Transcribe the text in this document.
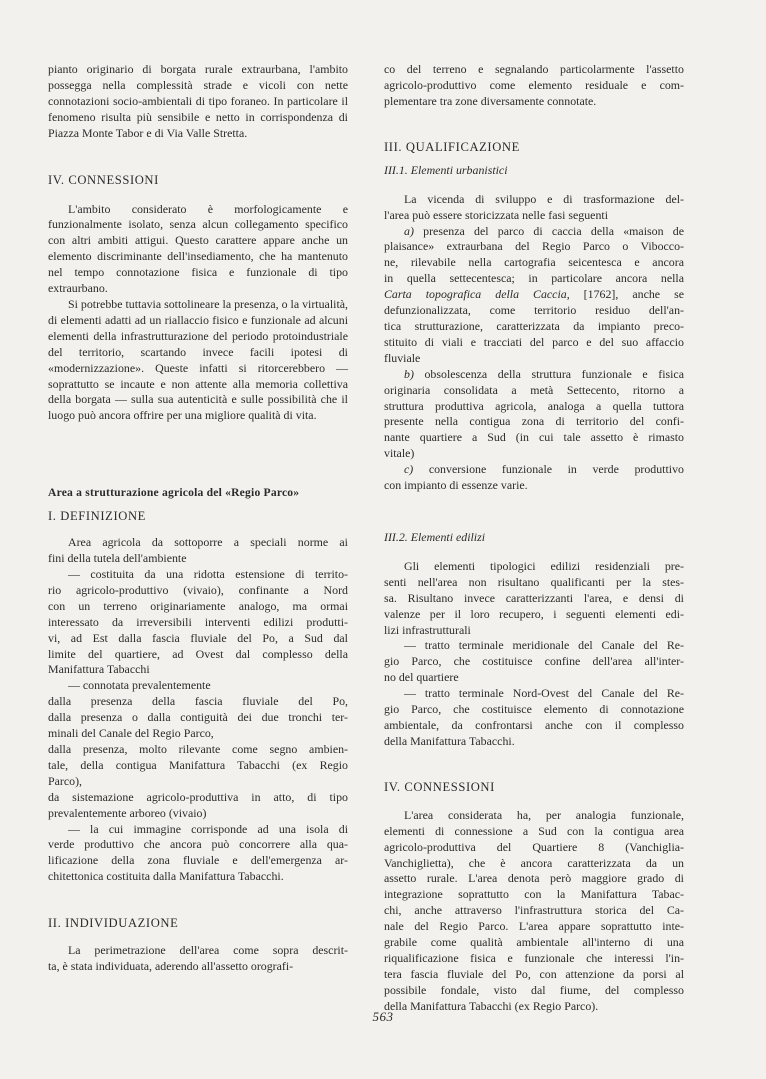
pianto originario di borgata rurale extraurbana, l'ambito possegga nella complessità strade e vicoli con nette connotazioni socio-ambientali di tipo foraneo. In particolare il fenomeno risulta più sensibile e netto in corrispondenza di Piazza Monte Tabor e di Via Valle Stretta.

IV. CONNESSIONI

L'ambito considerato è morfologicamente e funzionalmente isolato, senza alcun collegamento specifico con altri ambiti attigui. Questo carattere appare anche un elemento discriminante dell'insediamento, che ha mantenuto nel tempo connotazione fisica e funzionale di tipo extraurbano.

Si potrebbe tuttavia sottolineare la presenza, o la virtualità, di elementi adatti ad un riallaccio fisico e funzionale ad alcuni elementi della infrastrutturazione del periodo protoindustriale del territorio, scartando invece facili ipotesi di «modernizzazione». Queste infatti si ritorcerebbero — soprattutto se incaute e non attente alla memoria collettiva della borgata — sulla sua autenticità e sulle possibilità che il luogo può ancora offrire per una migliore qualità di vita.

Area a strutturazione agricola del «Regio Parco»
I. DEFINIZIONE

Area agricola da sottoporre a speciali norme ai

fini della tutela dell'ambiente

— costituita da una ridotta estensione di territo-

rio agricolo-produttivo (vivaio), confinante a Nord

con un terreno originariamente analogo, ma ormai

interessato da irreversibili interventi edilizi produtti-

vi, ad Est dalla fascia fluviale del Po, a Sud dal

limite del quartiere, ad Ovest dal complesso della

Manifattura Tabacchi

— connotata prevalentemente

dalla presenza della fascia fluviale del Po,

dalla presenza o dalla contiguità dei due tronchi ter-

minali del Canale del Regio Parco,

dalla presenza, molto rilevante come segno ambien-

tale, della contigua Manifattura Tabacchi (ex Regio

Parco),

da sistemazione agricolo-produttiva in atto, di tipo

prevalentemente arboreo (vivaio)

— la cui immagine corrisponde ad una isola di

verde produttivo che ancora può concorrere alla qua-

lificazione della zona fluviale e dell'emergenza ar-

chitettonica costituita dalla Manifattura Tabacchi.

II. INDIVIDUAZIONE

La perimetrazione dell'area come sopra descrit-

ta, è stata individuata, aderendo all'assetto orografi-

co del terreno e segnalando particolarmente l'assetto

agricolo-produttivo come elemento residuale e com-

plementare tra zone diversamente connotate.

III. QUALIFICAZIONE
III.1. Elementi urbanistici

La vicenda di sviluppo e di trasformazione del-

l'area può essere storicizzata nelle fasi seguenti

a) presenza del parco di caccia della «maison de

plaisance» extraurbana del Regio Parco o Viboccо-

ne, rilevabile nella cartografia seicentesca e ancora

in quella settecentesca; in particolare ancora nella

Carta topografica della Caccia, [1762], anche se

defunzionalizzata, come territorio residuo dell'an-

tica strutturazione, caratterizzata da impianto preco-

stituito di viali e tracciati del parco e del suo affaccio

fluviale

b) obsolescenza della struttura funzionale e fisica

originaria consolidata a metà Settecento, ritorno a

struttura produttiva agricola, analoga a quella tuttora

presente nella contigua zona di territorio del confi-

nante quartiere a Sud (in cui tale assetto è rimasto

vitale)

c) conversione funzionale in verde produttivo

con impianto di essenze varie.

III.2. Elementi edilizi

Gli elementi tipologici edilizi residenziali pre-

senti nell'area non risultano qualificanti per la stes-

sa. Risultano invece caratterizzanti l'area, e densi di

valenze per il loro recupero, i seguenti elementi edi-

lizi infrastrutturali

— tratto terminale meridionale del Canale del Re-

gio Parco, che costituisce confine dell'area all'inter-

no del quartiere

— tratto terminale Nord-Ovest del Canale del Re-

gio Parco, che costituisce elemento di connotazione

ambientale, da confrontarsi anche con il complesso

della Manifattura Tabacchi.

IV. CONNESSIONI

L'area considerata ha, per analogia funzionale,

elementi di connessione a Sud con la contigua area

agricolo-produttiva del Quartiere 8 (Vanchiglia-

Vanchiglietta), che è ancora caratterizzata da un

assetto rurale. L'area denota però maggiore grado di

integrazione soprattutto con la Manifattura Tabac-

chi, anche attraverso l'infrastruttura storica del Ca-

nale del Regio Parco. L'area appare soprattutto inte-

grabile come qualità ambientale all'interno di una

riqualificazione fisica e funzionale che interessi l'in-

tera fascia fluviale del Po, con attenzione da porsi al

possibile fondale, visto dal fiume, del complesso

della Manifattura Tabacchi (ex Regio Parco).

563
